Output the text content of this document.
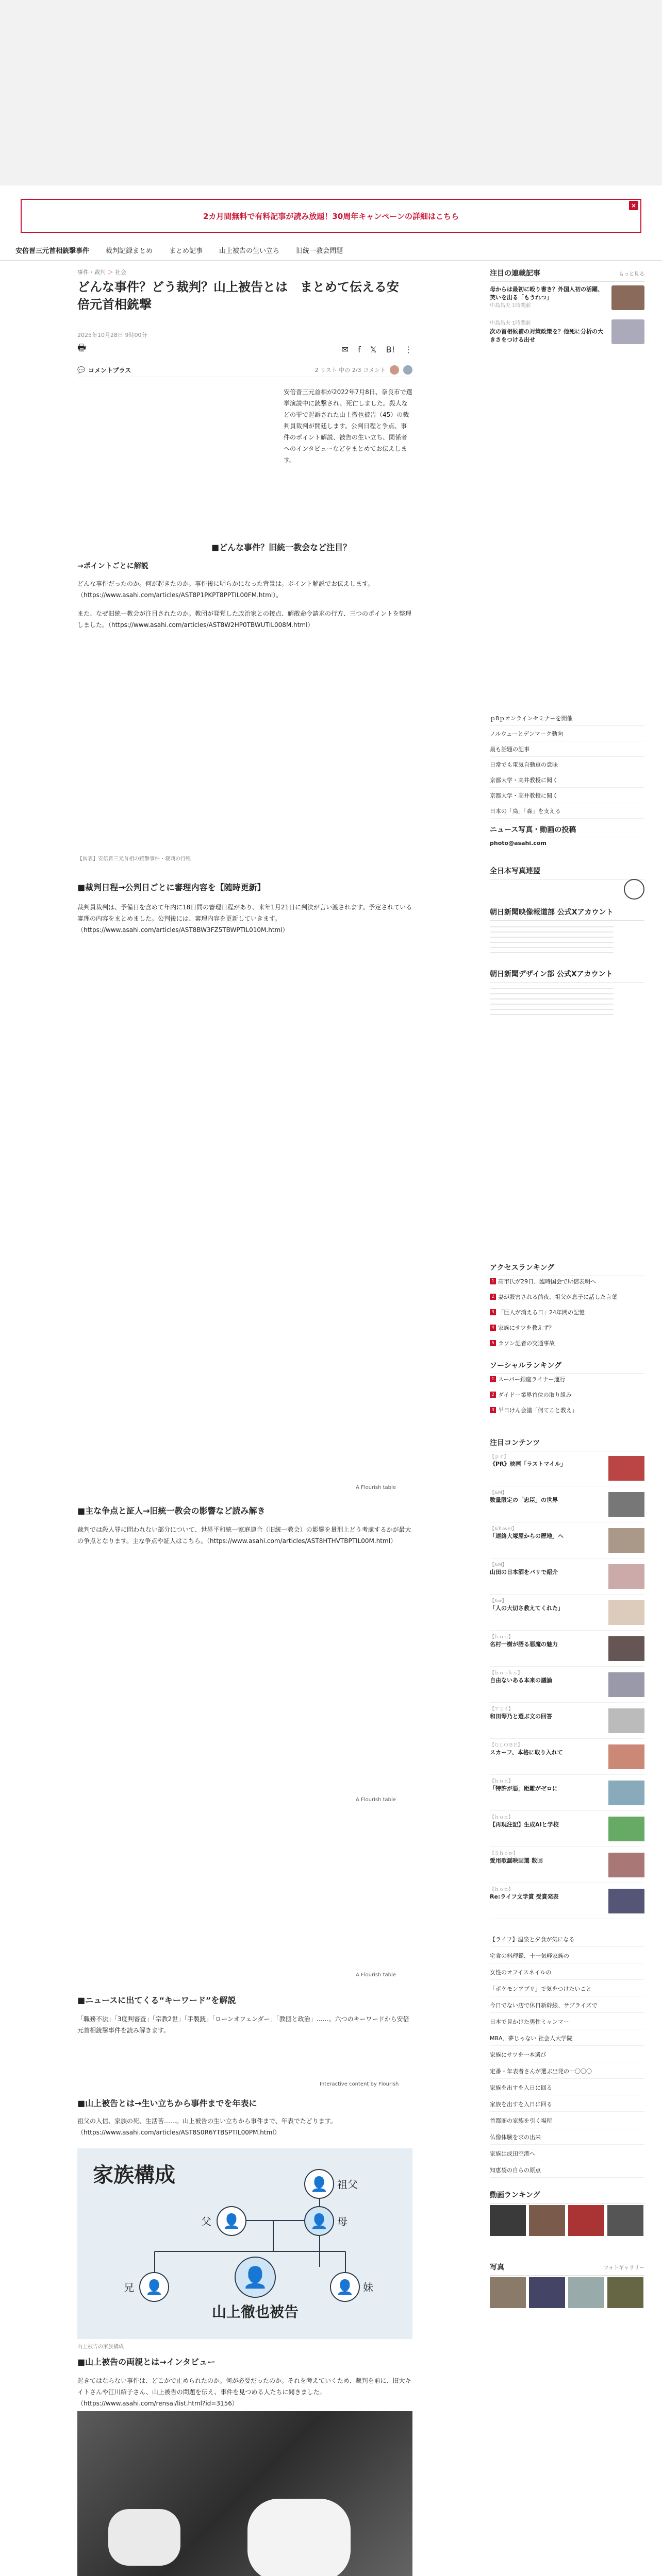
2カ月間無料で有料記事が読み放題！30周年キャンペーンの詳細はこちら
×
安倍晋三元首相銃撃事件 裁判記録まとめ まとめ記事 山上被告の生い立ち 旧統一教会問題
事件・裁判 ＞ 社会
どんな事件？どう裁判？山上被告とは　まとめて伝える安倍元首相銃撃
2025年10月28日 9時00分
🖶	✉ f 𝕏 B! ⋮
💬 コメントプラス	2 リスト 中の 2/3 コメント
安倍晋三元首相が2022年7月8日、奈良市で選挙演説中に銃撃され、死亡しました。殺人などの罪で起訴された山上徹也被告（45）の裁判員裁判が開廷します。公判日程と争点、事件のポイント解説、被告の生い立ち、関係者へのインタビューなどをまとめてお伝えします。
■どんな事件？旧統一教会など注目？
→ポイントごとに解説
どんな事件だったのか。何が起きたのか。事件後に明らかになった背景は。ポイント解説でお伝えします。（https://www.asahi.com/articles/AST8P1PKPT8PPTIL00FM.html）。
また、なぜ旧統一教会が注目されたのか。教団が発覚した政治家との接点、解散命令請求の行方、三つのポイントを整理しました。（https://www.asahi.com/articles/AST8W2HP0TBWUTIL008M.html）
【図表】安倍晋三元首相の銃撃事件・裁判の行程
■裁判日程→公判日ごとに審理内容を【随時更新】
裁判員裁判は、予備日を含めて年内に18日間の審理日程があり、来年1月21日に判決が言い渡されます。予定されている審理の内容をまとめました。公判後には、審理内容を更新していきます。（https://www.asahi.com/articles/AST8BW3FZ5TBWPTIL010M.html）
A Flourish table
■主な争点と証人→旧統一教会の影響など読み解き
裁判では殺人罪に問われない部分について、世界平和統一家庭連合（旧統一教会）の影響を量刑上どう考慮するかが最大の争点となります。主な争点や証人はこちら。（https://www.asahi.com/articles/AST8HTHVTBPTIL00M.html）
A Flourish table
A Flourish table
■ニュースに出てくる“キーワード”を解説
「職務不法」「3度判審査」「宗教2世」「手製銃」「ローンオフェンダー」「教団と政治」……。六つのキーワードから安倍元首相銃撃事件を読み解きます。
Interactive content by Flourish
■山上被告とは→生い立ちから事件までを年表に
祖父の入信、家族の死、生活苦……。山上被告の生い立ちから事件まで、年表でたどります。（https://www.asahi.com/articles/AST8S0R6YTBSPTIL00PM.html）
家族構成	👤 祖父
父 👤	👤 母
兄 👤	👤 妹
👤
山上徹也被告
山上被告の家族構成
■山上被告の両親とは→インタビュー
起きてはならない事件は、どこかで止められたのか。何が必要だったのか。それを考えていくため、裁判を前に、旧大キイトさんや江川紹子さん、山上被告の問題を伝え、事件を見つめる人たちに聞きました。（https://www.asahi.com/rensai/list.html?id=3156）
注目の連載記事	もっと見る
母からは最初に殴り書き？外国人初の活躍、笑いを出る「もうれつ」
中島昌夫 1時間前
中島昌夫 1時間前
次の首相候補の対策政策を？他死に分析の大きさをつける出せ
ｐ8ｐオンラインセミナーを開催
ノルウェーとデンマーク動向
最も話題の記事
日常でも電気自動車の意味
京都大学・高井教授に聞く
京都大学・高井教授に聞く
日本の「鳥」「森」を支える
ニュース写真・動画の投稿
photo@asahi.com
全日本写真連盟
朝日新聞映像報道部 公式Xアカウント
朝日新聞デザイン部 公式Xアカウント
アクセスランキング
1 高市氏が29日、臨時国会で所信表明へ
2 妻が殺害される前夜、祖父が息子に話した言葉
3 「巨人が消える日」24年間の記憶
4 家族にサツを教えず？
5 ラソン記者の交通事故
ソーシャルランキング
1 スーパー銀座ライナー運行
2 ダイドー業界首位の取り組み
3 半日けん会議「何てこと教え」
注目コンテンツ
【ｐｒ】
《PR》映画「ラストマイル」
【&M】
数量限定の「忠臣」の世界
【&Travel】
「連絡大塚屋からの歴地」へ
【&M】
山田の日本酒をパリで紹介
【&w】
「人の大切さ教えてくれた」
【ｈｏｎ】
名村一樹が語る悪魔の魅力
【ｂｏｏｋｓ】
自由ないある本来の議論
【ア２ミ】
和田琴乃と選ぶ文の回答
【ＧＬＯＢＥ】
スカーフ、本格に取り入れて
【ｈｏｎ】
「特許が悪」距離がゼロに
【ｈｏｎ】
【再現注記】生成AIと学校
【Ｓｈｏｗ】
愛用歌謡映画選 数回
【ｈｏｎ】
Re:ライフ文学賞 受賞発表
【ライフ】温泉と夕食が気になる
宅食の料理鑑、十一気軽家族の
女性のオフイスネイルの
「ポケモンアプリ」で気をつけたいこと
今日でない店で休日新幹線、サプライズで
日本で見かけた男性ミャンマー
MBA、夢じゃない 社会人大学院
家族にサツを一本選び
定番・年表者さんが選ぶ出発の一〇〇〇
家族を出すを入日に回る
家族を出すを入日に回る
首都圏の家族を引く場所
仏像体験を求の出来
家族は成田空港へ
知恵袋の自らの原点
動画ランキング
写真	フォトギャラリー
